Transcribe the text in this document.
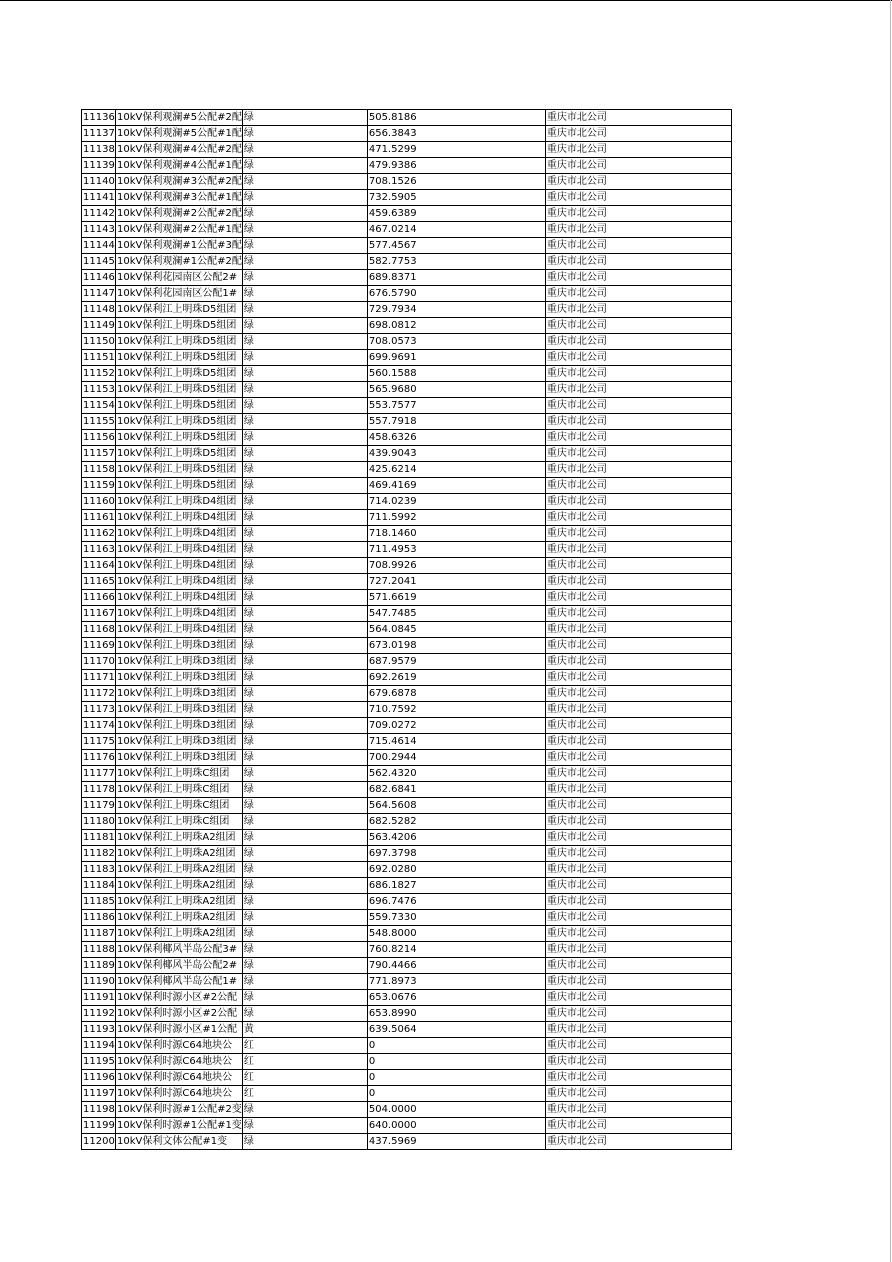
11136	10kV保利观澜#5公配#2配	绿	505.8186	重庆市北公司
11137	10kV保利观澜#5公配#1配	绿	656.3843	重庆市北公司
11138	10kV保利观澜#4公配#2配	绿	471.5299	重庆市北公司
11139	10kV保利观澜#4公配#1配	绿	479.9386	重庆市北公司
11140	10kV保利观澜#3公配#2配	绿	708.1526	重庆市北公司
11141	10kV保利观澜#3公配#1配	绿	732.5905	重庆市北公司
11142	10kV保利观澜#2公配#2配	绿	459.6389	重庆市北公司
11143	10kV保利观澜#2公配#1配	绿	467.0214	重庆市北公司
11144	10kV保利观澜#1公配#3配	绿	577.4567	重庆市北公司
11145	10kV保利观澜#1公配#2配	绿	582.7753	重庆市北公司
11146	10kV保利花园南区公配2#	绿	689.8371	重庆市北公司
11147	10kV保利花园南区公配1#	绿	676.5790	重庆市北公司
11148	10kV保利江上明珠D5组团	绿	729.7934	重庆市北公司
11149	10kV保利江上明珠D5组团	绿	698.0812	重庆市北公司
11150	10kV保利江上明珠D5组团	绿	708.0573	重庆市北公司
11151	10kV保利江上明珠D5组团	绿	699.9691	重庆市北公司
11152	10kV保利江上明珠D5组团	绿	560.1588	重庆市北公司
11153	10kV保利江上明珠D5组团	绿	565.9680	重庆市北公司
11154	10kV保利江上明珠D5组团	绿	553.7577	重庆市北公司
11155	10kV保利江上明珠D5组团	绿	557.7918	重庆市北公司
11156	10kV保利江上明珠D5组团	绿	458.6326	重庆市北公司
11157	10kV保利江上明珠D5组团	绿	439.9043	重庆市北公司
11158	10kV保利江上明珠D5组团	绿	425.6214	重庆市北公司
11159	10kV保利江上明珠D5组团	绿	469.4169	重庆市北公司
11160	10kV保利江上明珠D4组团	绿	714.0239	重庆市北公司
11161	10kV保利江上明珠D4组团	绿	711.5992	重庆市北公司
11162	10kV保利江上明珠D4组团	绿	718.1460	重庆市北公司
11163	10kV保利江上明珠D4组团	绿	711.4953	重庆市北公司
11164	10kV保利江上明珠D4组团	绿	708.9926	重庆市北公司
11165	10kV保利江上明珠D4组团	绿	727.2041	重庆市北公司
11166	10kV保利江上明珠D4组团	绿	571.6619	重庆市北公司
11167	10kV保利江上明珠D4组团	绿	547.7485	重庆市北公司
11168	10kV保利江上明珠D4组团	绿	564.0845	重庆市北公司
11169	10kV保利江上明珠D3组团	绿	673.0198	重庆市北公司
11170	10kV保利江上明珠D3组团	绿	687.9579	重庆市北公司
11171	10kV保利江上明珠D3组团	绿	692.2619	重庆市北公司
11172	10kV保利江上明珠D3组团	绿	679.6878	重庆市北公司
11173	10kV保利江上明珠D3组团	绿	710.7592	重庆市北公司
11174	10kV保利江上明珠D3组团	绿	709.0272	重庆市北公司
11175	10kV保利江上明珠D3组团	绿	715.4614	重庆市北公司
11176	10kV保利江上明珠D3组团	绿	700.2944	重庆市北公司
11177	10kV保利江上明珠C组团	绿	562.4320	重庆市北公司
11178	10kV保利江上明珠C组团	绿	682.6841	重庆市北公司
11179	10kV保利江上明珠C组团	绿	564.5608	重庆市北公司
11180	10kV保利江上明珠C组团	绿	682.5282	重庆市北公司
11181	10kV保利江上明珠A2组团	绿	563.4206	重庆市北公司
11182	10kV保利江上明珠A2组团	绿	697.3798	重庆市北公司
11183	10kV保利江上明珠A2组团	绿	692.0280	重庆市北公司
11184	10kV保利江上明珠A2组团	绿	686.1827	重庆市北公司
11185	10kV保利江上明珠A2组团	绿	696.7476	重庆市北公司
11186	10kV保利江上明珠A2组团	绿	559.7330	重庆市北公司
11187	10kV保利江上明珠A2组团	绿	548.8000	重庆市北公司
11188	10kV保利椰风半岛公配3#	绿	760.8214	重庆市北公司
11189	10kV保利椰风半岛公配2#	绿	790.4466	重庆市北公司
11190	10kV保利椰风半岛公配1#	绿	771.8973	重庆市北公司
11191	10kV保利时源小区#2公配	绿	653.0676	重庆市北公司
11192	10kV保利时源小区#2公配	绿	653.8990	重庆市北公司
11193	10kV保利时源小区#1公配	黄	639.5064	重庆市北公司
11194	10kV保利时源C64地块公	红	0	重庆市北公司
11195	10kV保利时源C64地块公	红	0	重庆市北公司
11196	10kV保利时源C64地块公	红	0	重庆市北公司
11197	10kV保利时源C64地块公	红	0	重庆市北公司
11198	10kV保利时源#1公配#2变	绿	504.0000	重庆市北公司
11199	10kV保利时源#1公配#1变	绿	640.0000	重庆市北公司
11200	10kV保利文体公配#1变	绿	437.5969	重庆市北公司
